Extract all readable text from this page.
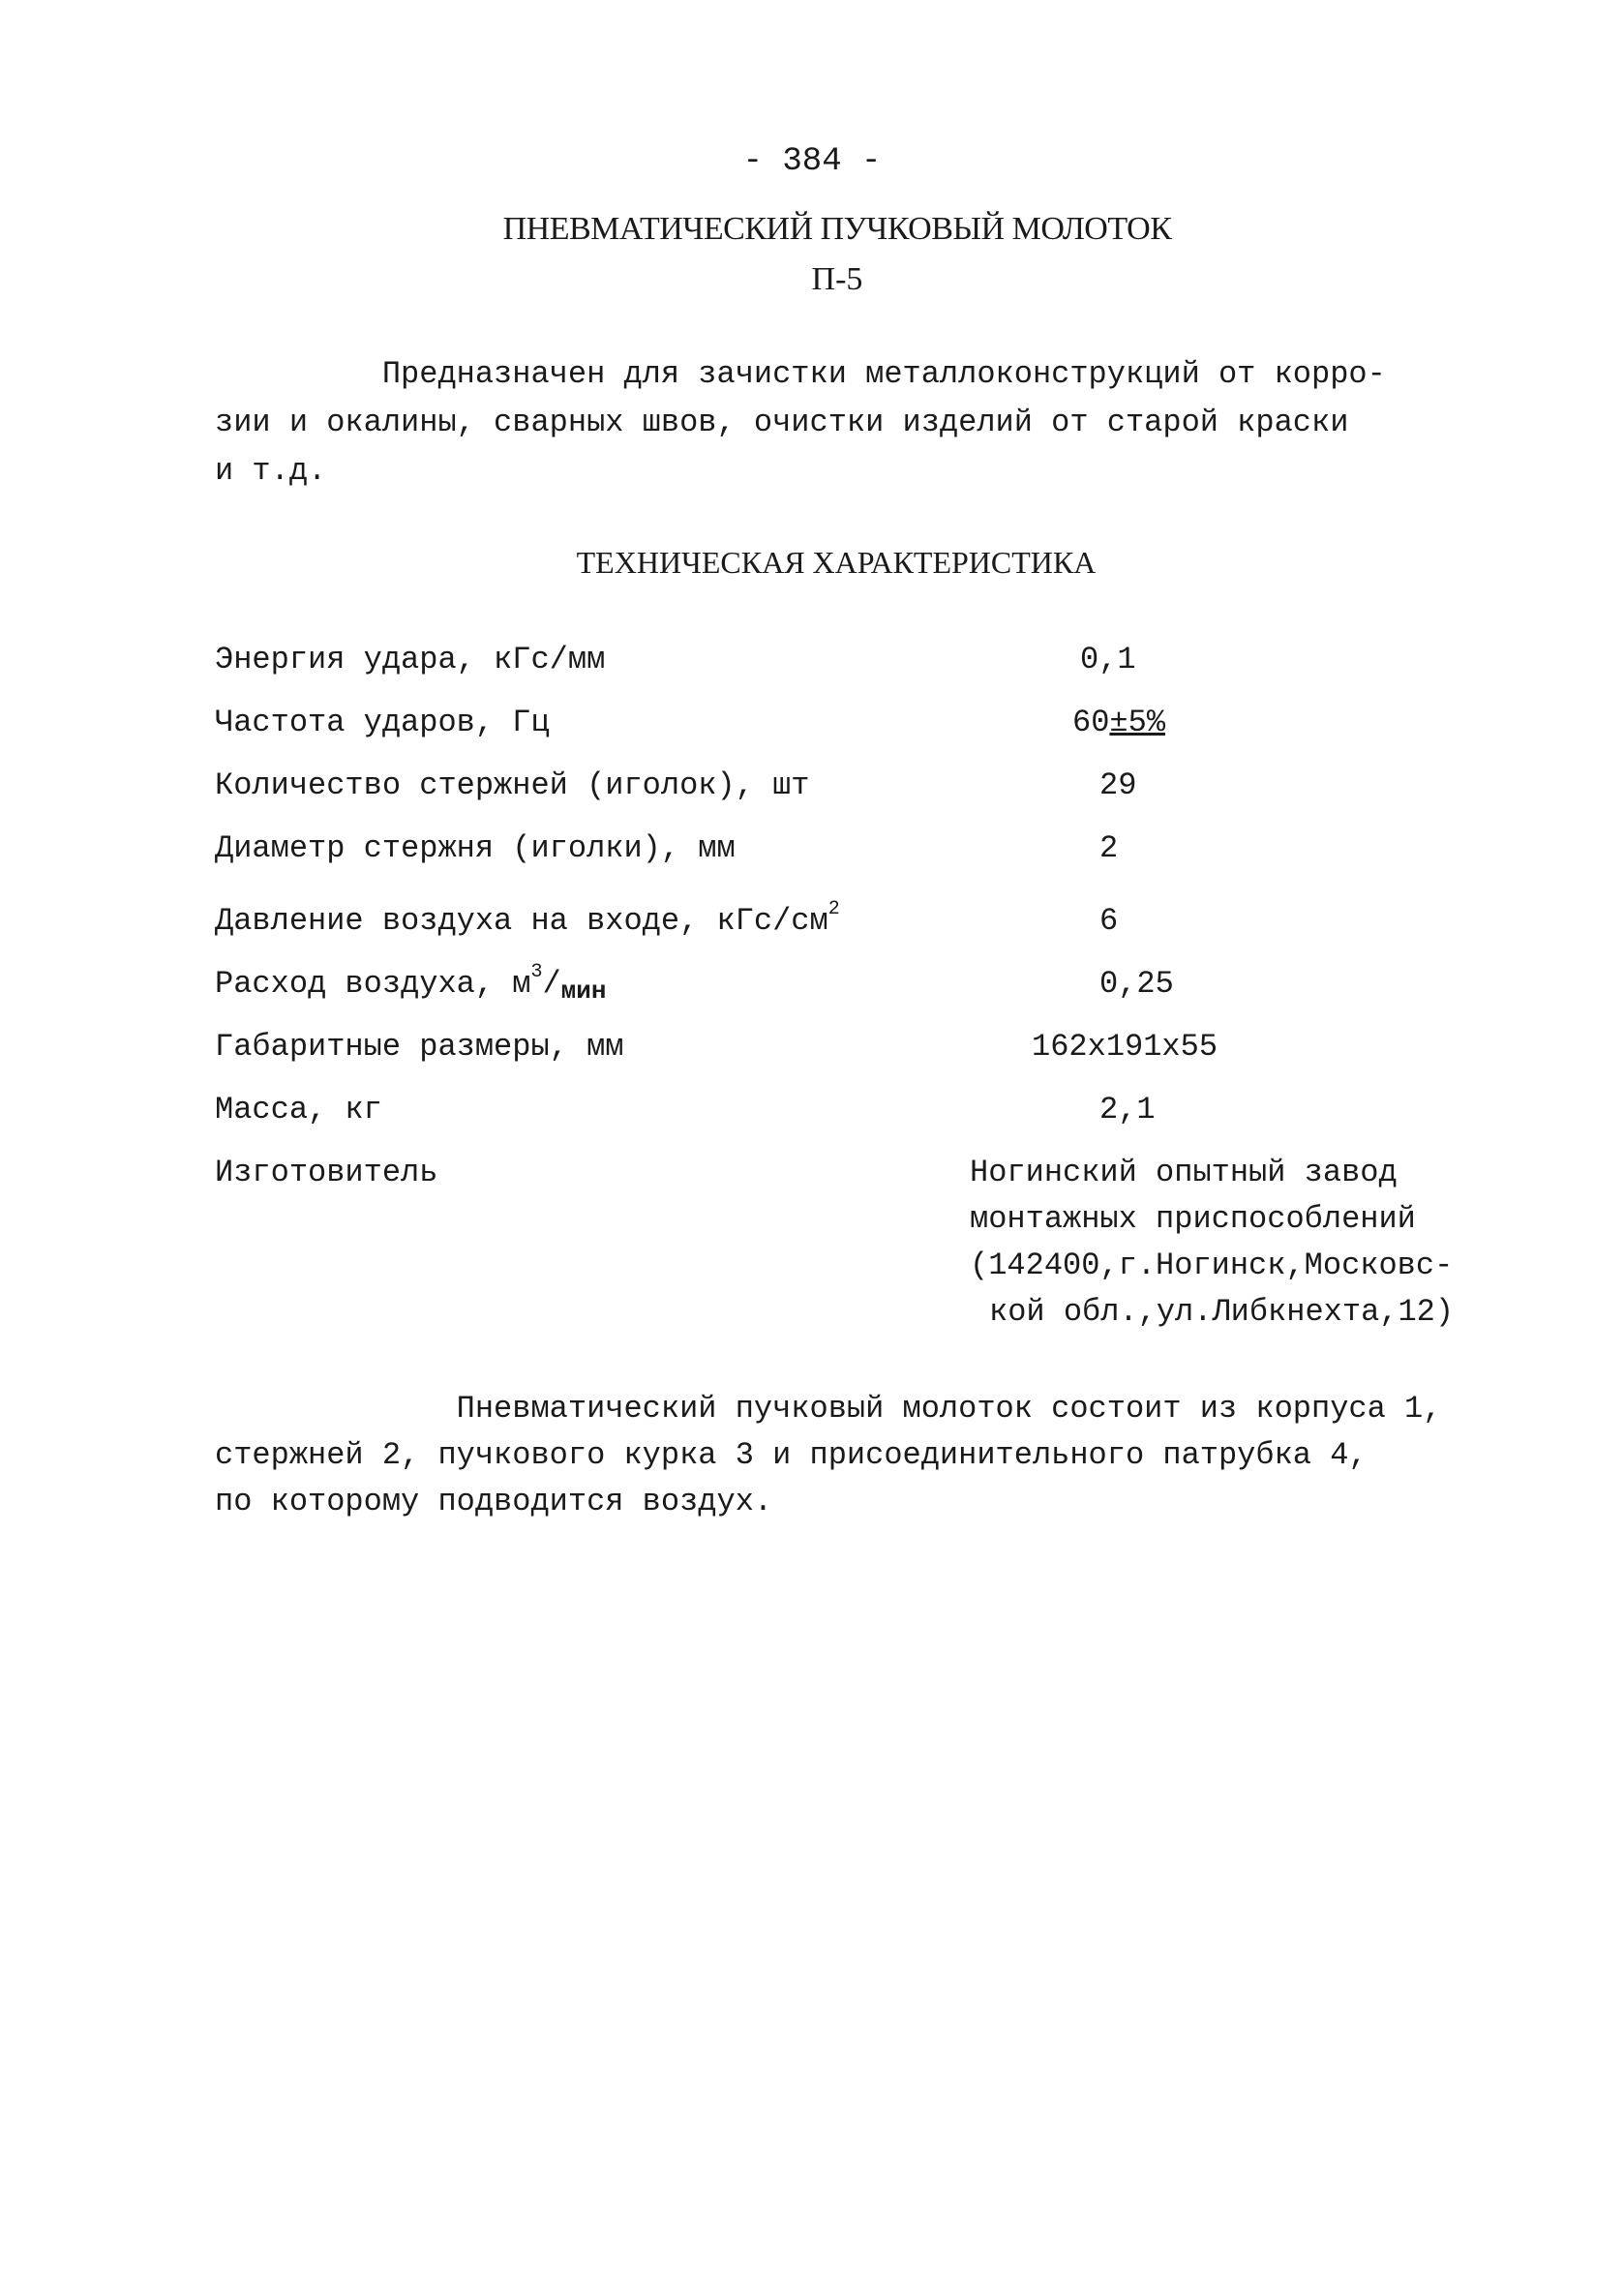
- 384 -
ПНЕВМАТИЧЕСКИЙ ПУЧКОВЫЙ МОЛОТОК
П-5
Предназначен для зачистки металлоконструкций от корро-
зии и окалины, сварных швов, очистки изделий от старой краски
и т.д.
ТЕХНИЧЕСКАЯ ХАРАКТЕРИСТИКА
Энергия удара, кГс/мм	0,1
Частота ударов, Гц	60±5%
Количество стержней (иголок), шт	29
Диаметр стержня (иголки), мм	2
Давление воздуха на входе, кГс/$см^2$	6
Расход воздуха, $м^3/_{мин}$	0,25
Габаритные размеры, мм	162x191x55
Масса, кг	2,1
Изготовитель	Ногинский опытный завод
монтажных приспособлений
(142400,г.Ногинск,Московс-
кой обл.,ул.Либкнехта,12)
Пневматический пучковый молоток состоит из корпуса 1,
стержней 2, пучкового курка 3 и присоединительного патрубка 4,
по которому подводится воздух.
